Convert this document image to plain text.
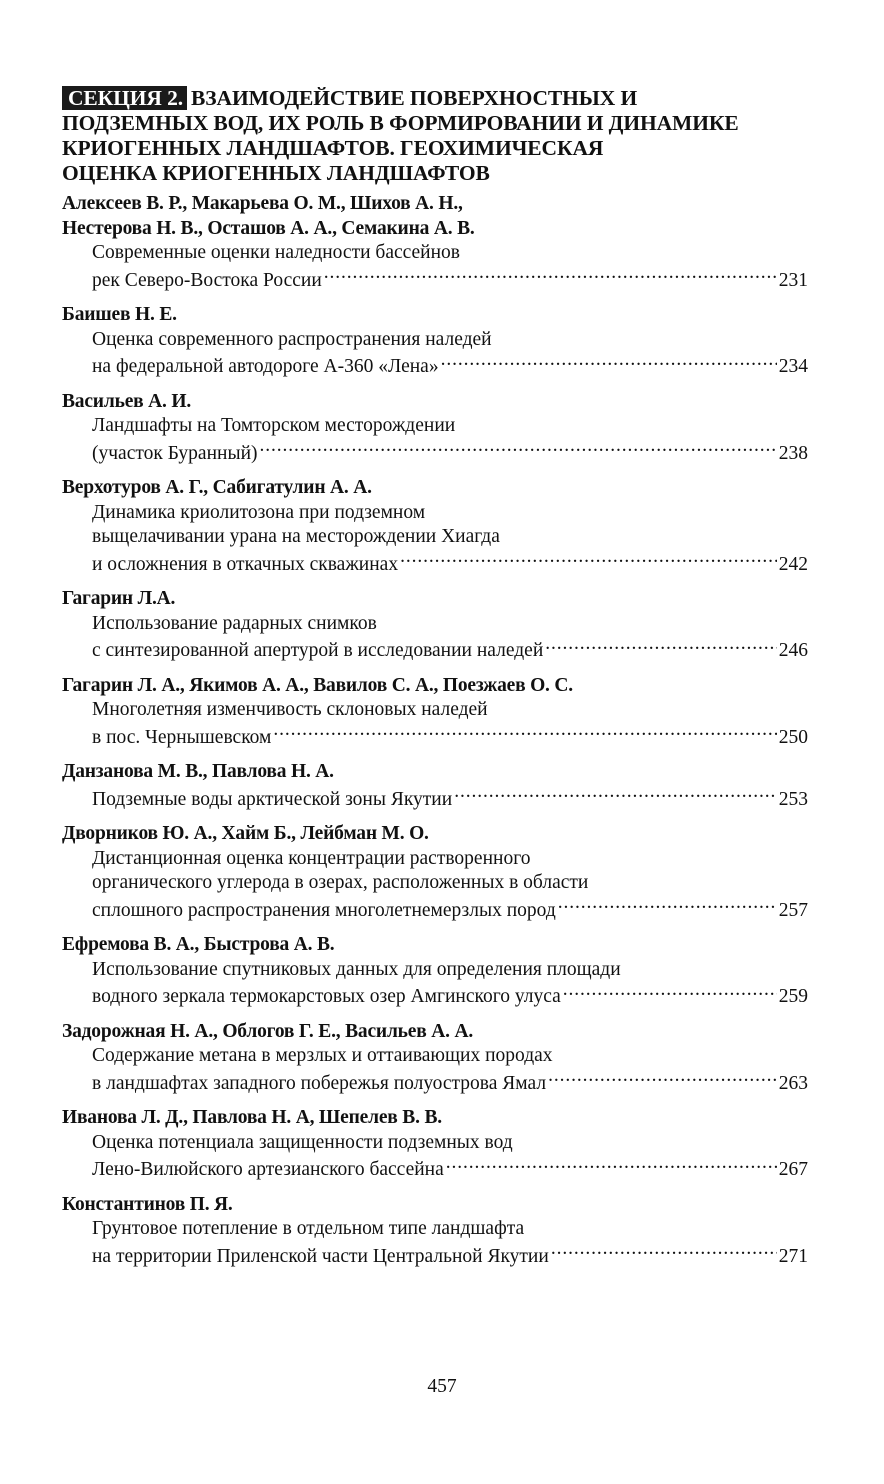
СЕКЦИЯ 2. ВЗАИМОДЕЙСТВИЕ ПОВЕРХНОСТНЫХ И
ПОДЗЕМНЫХ ВОД, ИХ РОЛЬ В ФОРМИРОВАНИИ И ДИНАМИКЕ
КРИОГЕННЫХ ЛАНДШАФТОВ. ГЕОХИМИЧЕСКАЯ
ОЦЕНКА КРИОГЕННЫХ ЛАНДШАФТОВ
Алексеев В. Р., Макарьева О. М., Шихов А. Н.,
Нестерова Н. В., Осташов А. А., Семакина А. В.
Современные оценки наледности бассейнов
рек Северо-Востока России . . .	231
Баишев Н. Е.
Оценка современного распространения наледей
на федеральной автодороге А-360 «Лена» . . .	234
Васильев А. И.
Ландшафты на Томторском месторождении
(участок Буранный) . . .	238
Верхотуров А. Г., Сабигатулин А. А.
Динамика криолитозона при подземном
выщелачивании урана на месторождении Хиагда
и осложнения в откачных скважинах . . .	242
Гагарин Л.А.
Использование радарных снимков
с синтезированной апертурой в исследовании наледей . . .	246
Гагарин Л. А., Якимов А. А., Вавилов С. А., Поезжаев О. С.
Многолетняя изменчивость склоновых наледей
в пос. Чернышевском . . .	250
Данзанова М. В., Павлова Н. А.
Подземные воды арктической зоны Якутии . . .	253
Дворников Ю. А., Хайм Б., Лейбман М. О.
Дистанционная оценка концентрации растворенного
органического углерода в озерах, расположенных в области
сплошного распространения многолетнемерзлых пород . . .	257
Ефремова В. А., Быстрова А. В.
Использование спутниковых данных для определения площади
водного зеркала термокарстовых озер Амгинского улуса . . .	259
Задорожная Н. А., Облогов Г. Е., Васильев А. А.
Содержание метана в мерзлых и оттаивающих породах
в ландшафтах западного побережья полуострова Ямал . . .	263
Иванова Л. Д., Павлова Н. А, Шепелев В. В.
Оценка потенциала защищенности подземных вод
Лено-Вилюйского артезианского бассейна . . .	267
Константинов П. Я.
Грунтовое потепление в отдельном типе ландшафта
на территории Приленской части Центральной Якутии . . .	271
457
